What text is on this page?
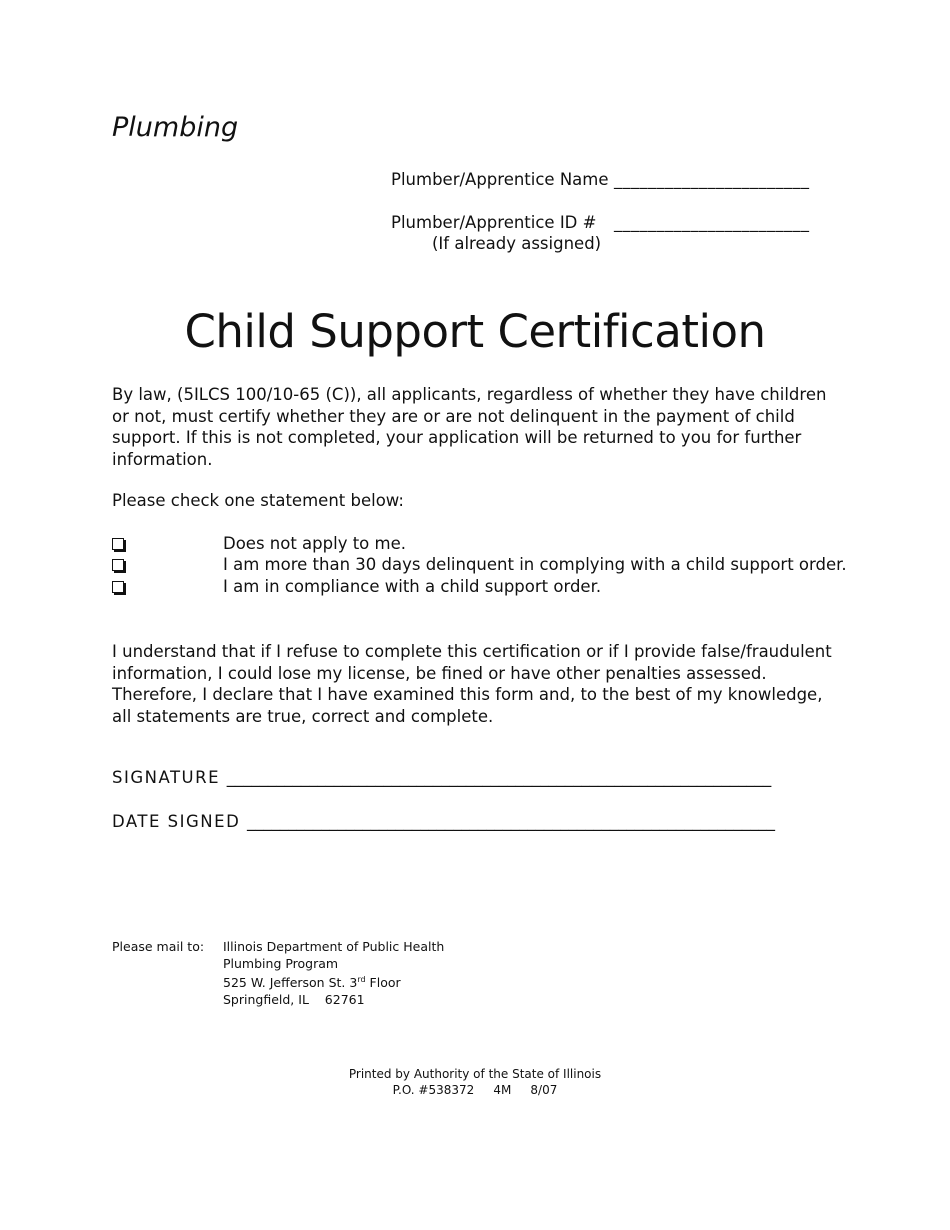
Plumbing
Plumber/Apprentice Name _______________________
Plumber/Apprentice ID # _______________________
(If already assigned)
Child Support Certification
By law, (5ILCS 100/10-65 (C)), all applicants, regardless of whether they have children or not, must certify whether they are or are not delinquent in the payment of child support. If this is not completed, your application will be returned to you for further information.
Please check one statement below:
Does not apply to me.
I am more than 30 days delinquent in complying with a child support order.
I am in compliance with a child support order.
I understand that if I refuse to complete this certification or if I provide false/fraudulent information, I could lose my license, be fined or have other penalties assessed. Therefore, I declare that I have examined this form and, to the best of my knowledge, all statements are true, correct and complete.
SIGNATURE __________________________________________________________________
DATE SIGNED ________________________________________________________________
Please mail to: Illinois Department of Public Health
Plumbing Program
525 W. Jefferson St. 3rd Floor
Springfield, IL    62761
Printed by Authority of the State of Illinois
P.O. #538372     4M     8/07
